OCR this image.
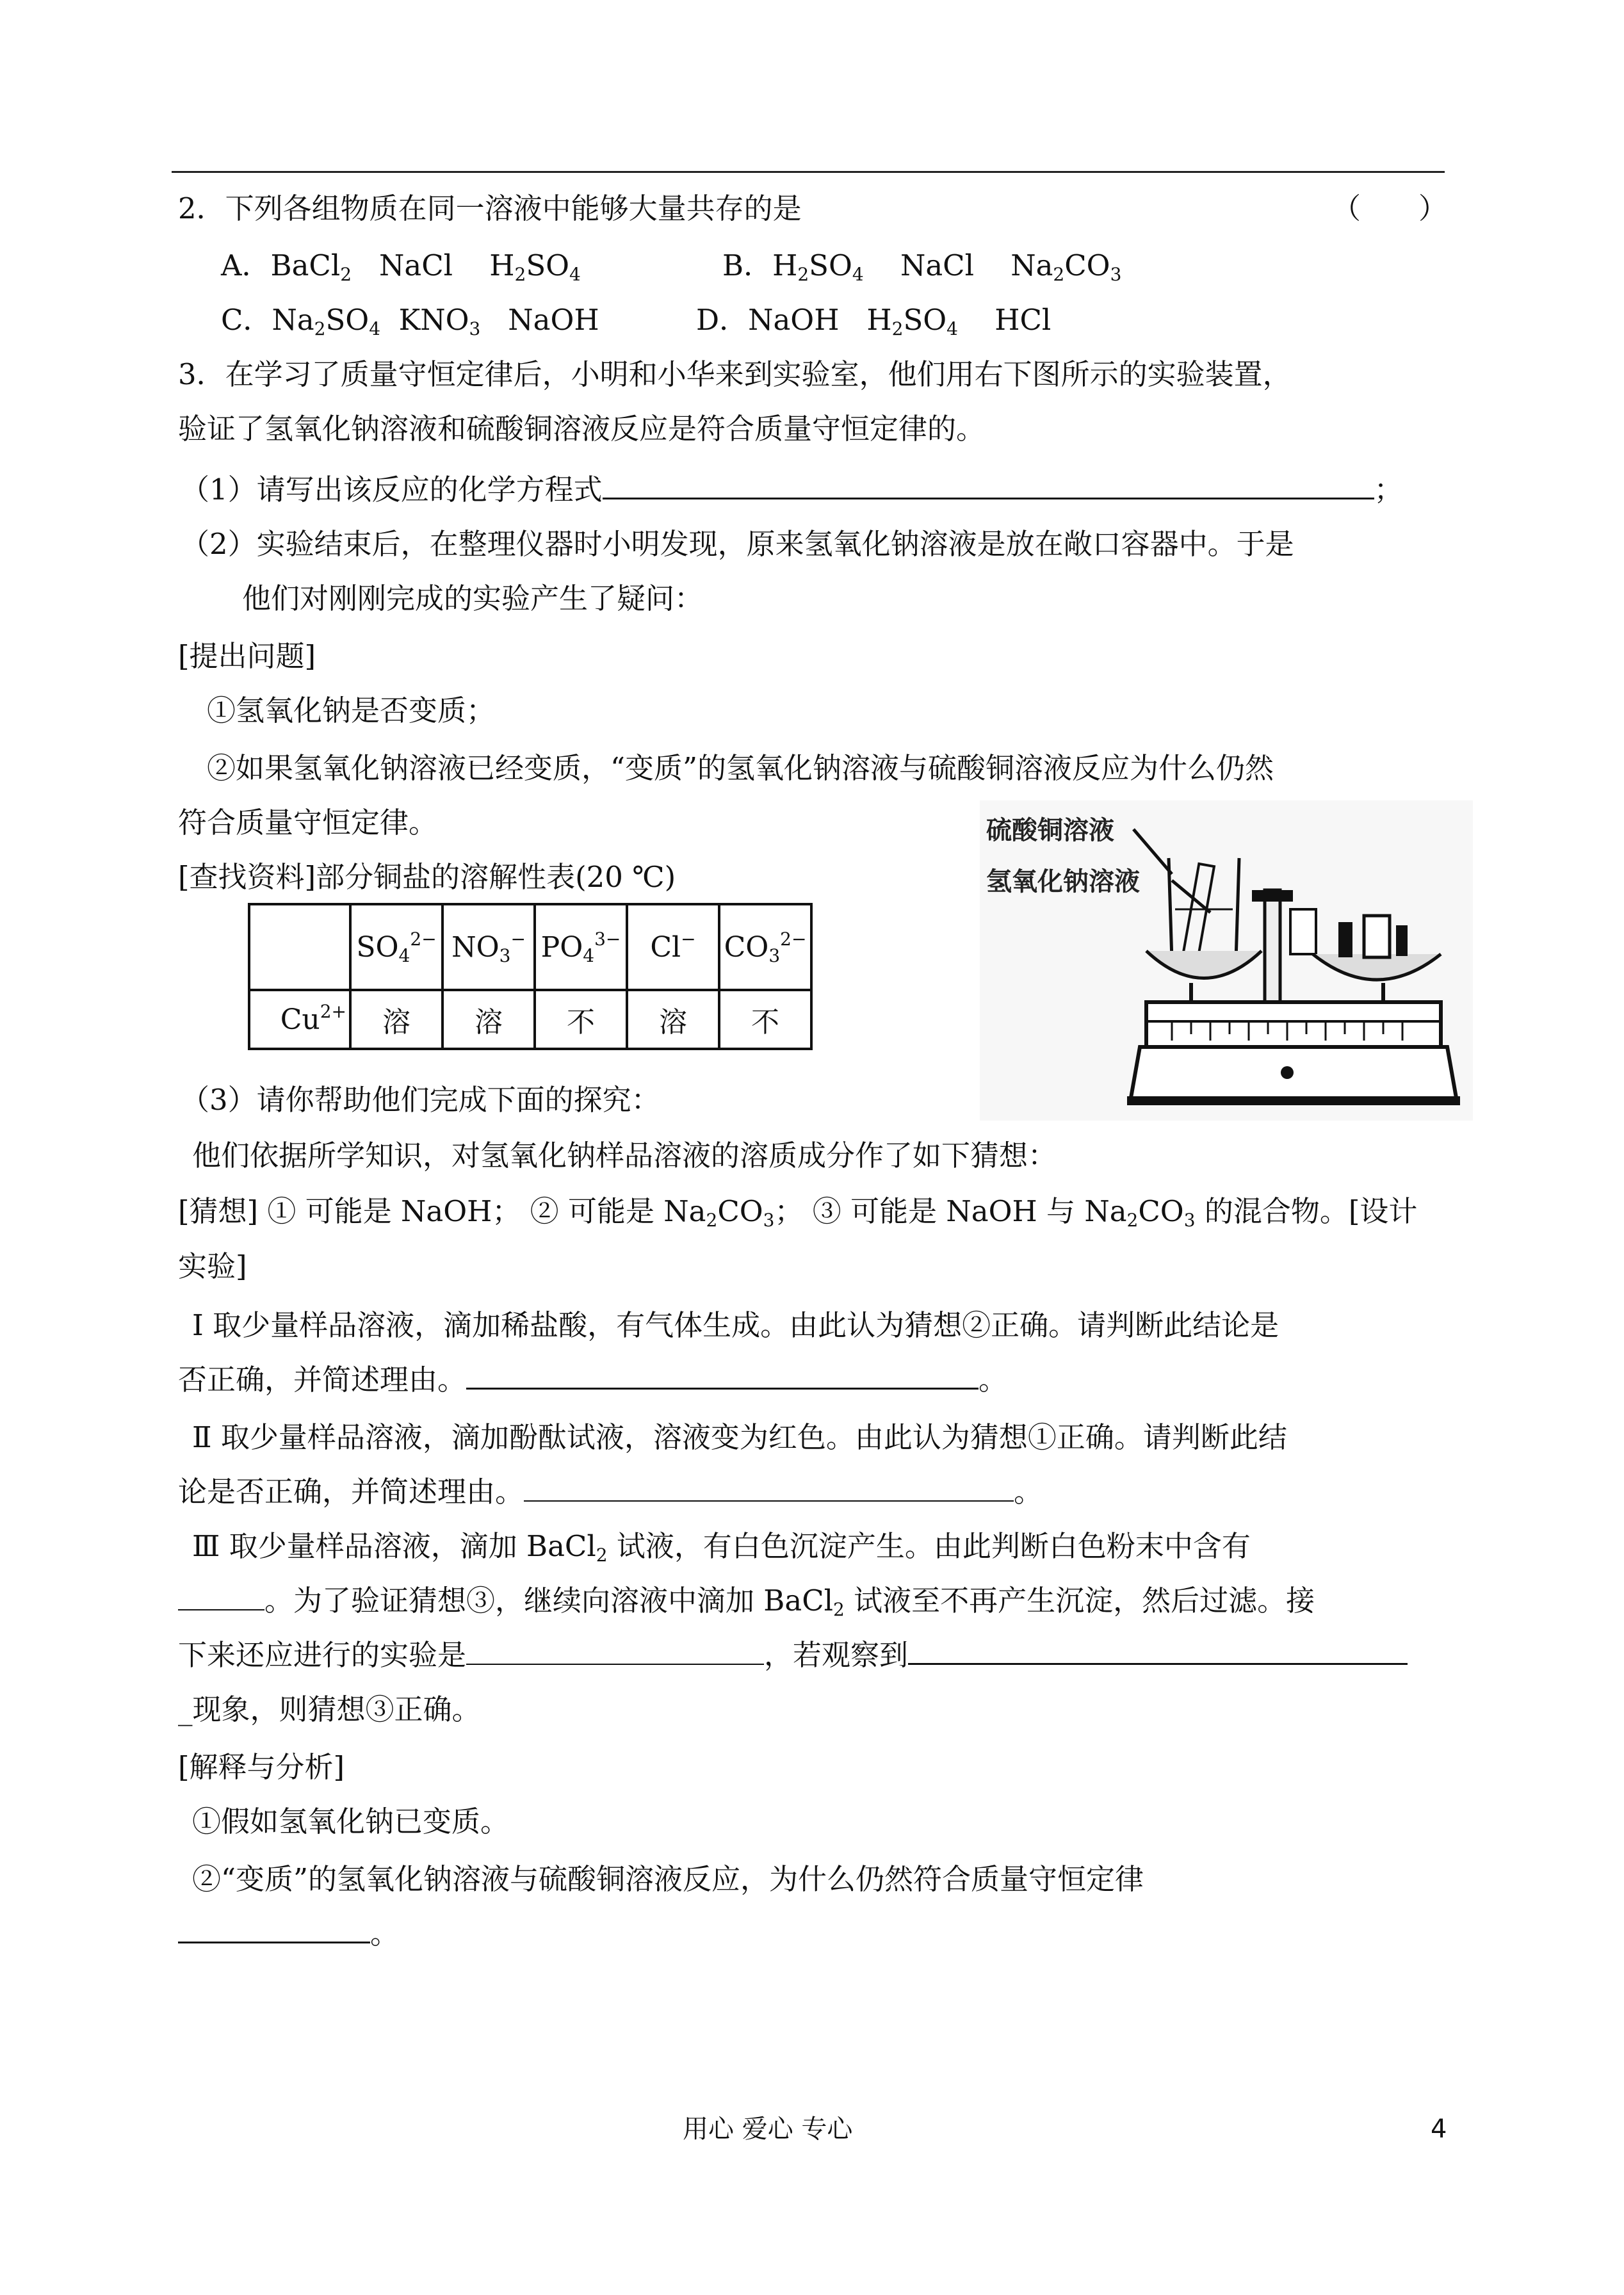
2．下列各组物质在同一溶液中能够大量共存的是	（　　）
A．BaCl$_2$ NaCl $H_2SO_4$	B．$H_2SO_4$ NaCl $Na_2CO_3$
C．$Na_2SO_4$ $KNO_3$ NaOH	D．NaOH $H_2SO_4$ HCl
3．在学习了质量守恒定律后，小明和小华来到实验室，他们用右下图所示的实验装置，
验证了氢氧化钠溶液和硫酸铜溶液反应是符合质量守恒定律的。
（1）请写出该反应的化学方程式	；
（2）实验结束后，在整理仪器时小明发现，原来氢氧化钠溶液是放在敞口容器中。于是
他们对刚刚完成的实验产生了疑问：
[提出问题]
①氢氧化钠是否变质；
②如果氢氧化钠溶液已经变质，“变质”的氢氧化钠溶液与硫酸铜溶液反应为什么仍然
符合质量守恒定律。
[查找资料]部分铜盐的溶解性表(20 ℃)
	$SO_4^{2-}$	$NO_3^-$	$PO_4^{3-}$	Cl−	$CO_3^{2-}$
$Cu^{2+}$	溶	溶	不	溶	不
硫酸铜溶液
氢氧化钠溶液
（3）请你帮助他们完成下面的探究：
他们依据所学知识，对氢氧化钠样品溶液的溶质成分作了如下猜想：
[猜想] ① 可能是 NaOH； ② 可能是 $Na_2CO_3$； ③ 可能是 NaOH 与 $Na_2CO_3$ 的混合物。[设计
实验]
Ⅰ 取少量样品溶液，滴加稀盐酸，有气体生成。由此认为猜想②正确。请判断此结论是
否正确，并简述理由。	。
Ⅱ 取少量样品溶液，滴加酚酞试液，溶液变为红色。由此认为猜想①正确。请判断此结
论是否正确，并简述理由。	。
Ⅲ 取少量样品溶液，滴加 BaCl$_2$ 试液，有白色沉淀产生。由此判断白色粉末中含有
。为了验证猜想③，继续向溶液中滴加 BaCl$_2$ 试液至不再产生沉淀，然后过滤。接
下来还应进行的实验是	，若观察到
_现象，则猜想③正确。
[解释与分析]
①假如氢氧化钠已变质。
②“变质”的氢氧化钠溶液与硫酸铜溶液反应，为什么仍然符合质量守恒定律
。
用心 爱心 专心	4
